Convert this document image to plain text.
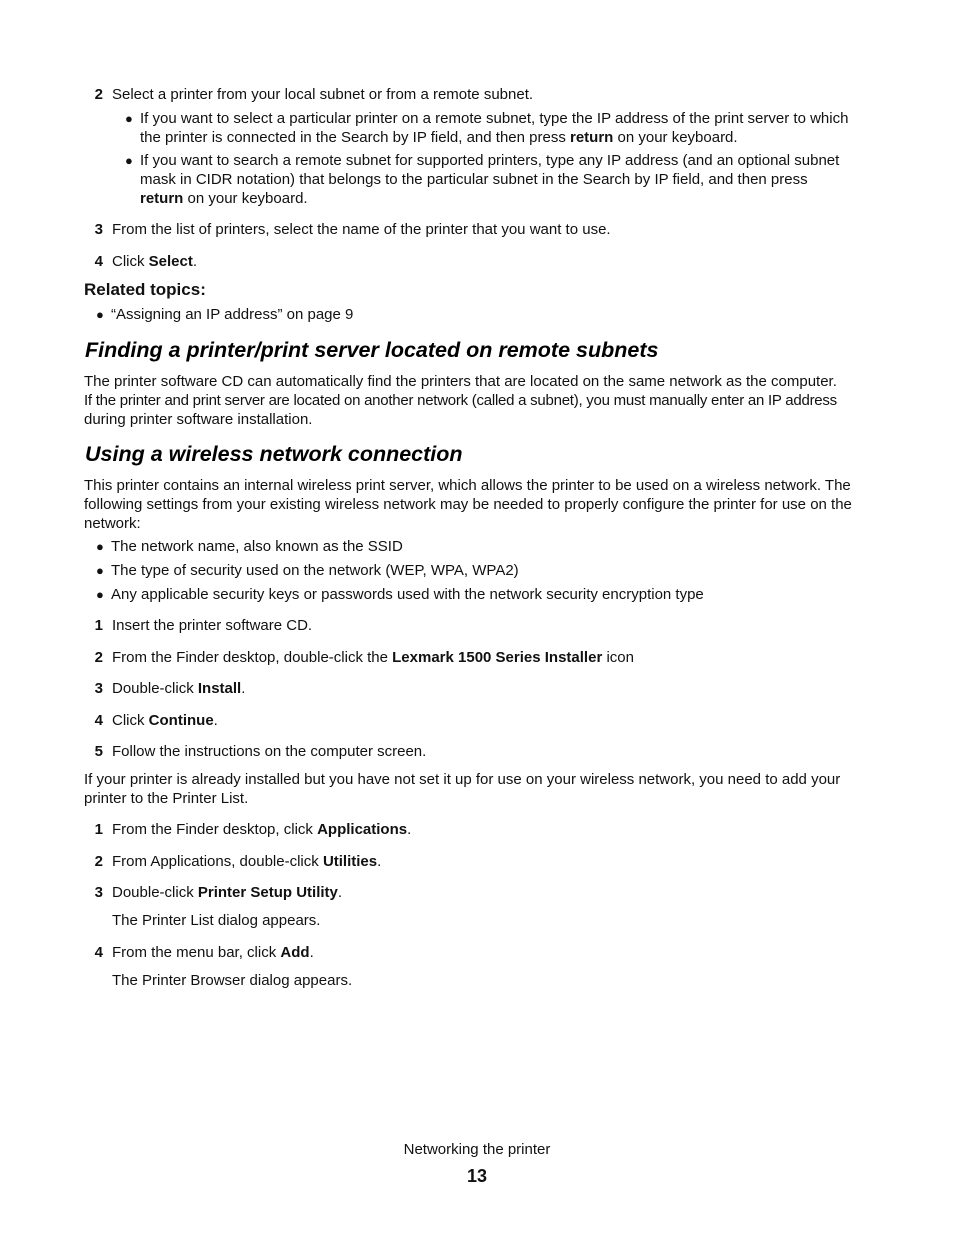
2 Select a printer from your local subnet or from a remote subnet.
● If you want to select a particular printer on a remote subnet, type the IP address of the print server to which
the printer is connected in the Search by IP field, and then press return on your keyboard.
● If you want to search a remote subnet for supported printers, type any IP address (and an optional subnet
mask in CIDR notation) that belongs to the particular subnet in the Search by IP field, and then press
return on your keyboard.
3 From the list of printers, select the name of the printer that you want to use.
4 Click Select.
Related topics:
● “Assigning an IP address” on page 9
Finding a printer/print server located on remote subnets
The printer software CD can automatically find the printers that are located on the same network as the computer.
If the printer and print server are located on another network (called a subnet), you must manually enter an IP address
during printer software installation.
Using a wireless network connection
This printer contains an internal wireless print server, which allows the printer to be used on a wireless network. The
following settings from your existing wireless network may be needed to properly configure the printer for use on the
network:
● The network name, also known as the SSID
● The type of security used on the network (WEP, WPA, WPA2)
● Any applicable security keys or passwords used with the network security encryption type
1 Insert the printer software CD.
2 From the Finder desktop, double-click the Lexmark 1500 Series Installer icon
3 Double-click Install.
4 Click Continue.
5 Follow the instructions on the computer screen.
If your printer is already installed but you have not set it up for use on your wireless network, you need to add your
printer to the Printer List.
1 From the Finder desktop, click Applications.
2 From Applications, double-click Utilities.
3 Double-click Printer Setup Utility.
The Printer List dialog appears.
4 From the menu bar, click Add.
The Printer Browser dialog appears.
Networking the printer
13
